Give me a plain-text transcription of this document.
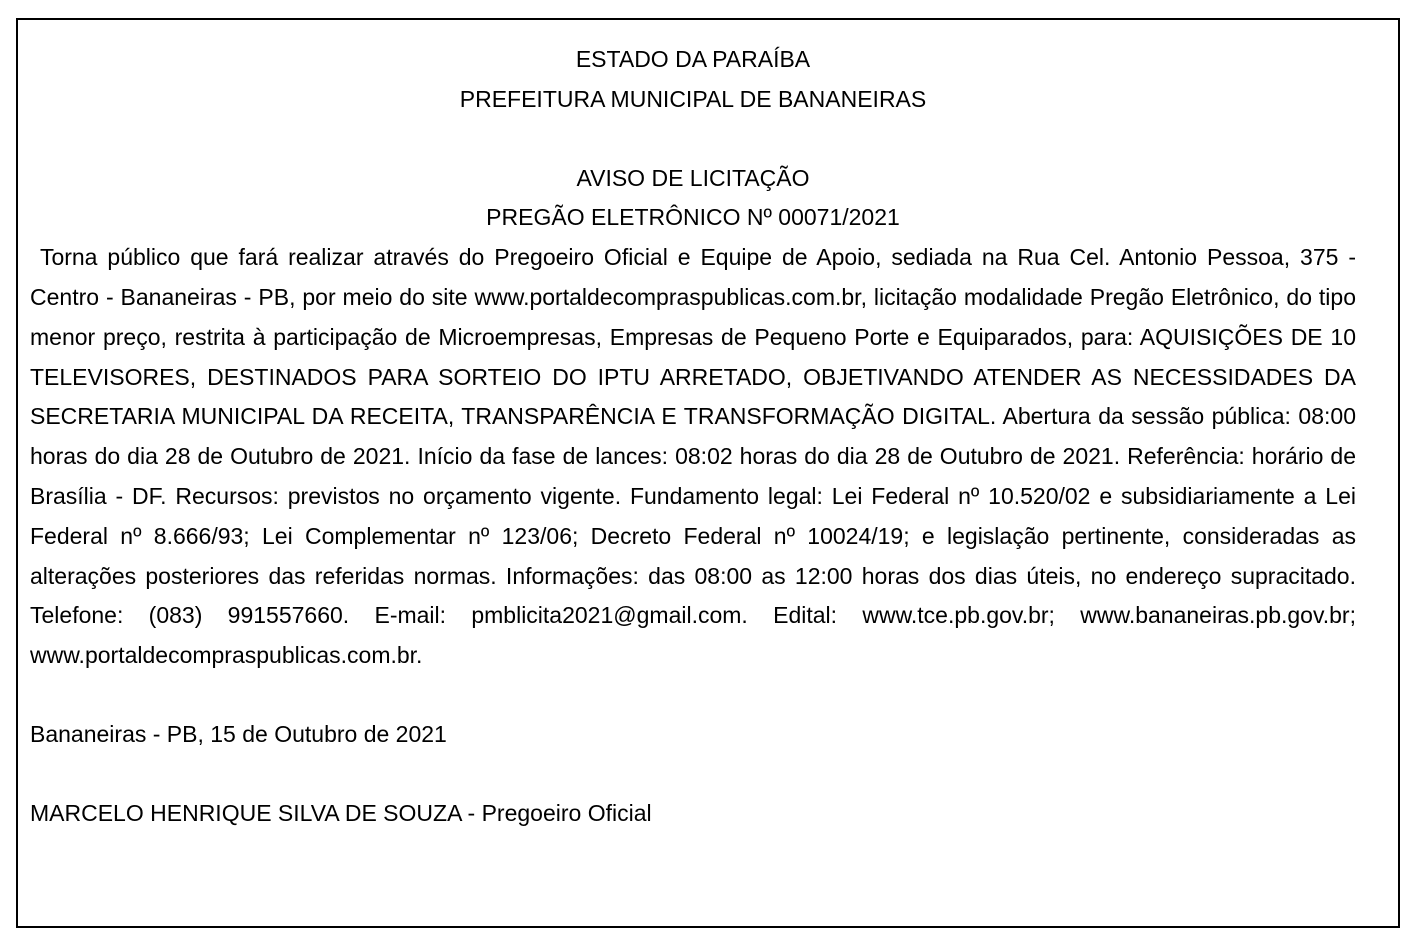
ESTADO DA PARAÍBA

PREFEITURA MUNICIPAL DE BANANEIRAS

AVISO DE LICITAÇÃO

PREGÃO ELETRÔNICO Nº 00071/2021

Torna público que fará realizar através do Pregoeiro Oficial e Equipe de Apoio, sediada na Rua Cel. Antonio Pessoa, 375 - Centro - Bananeiras - PB, por meio do site www.portaldecompraspublicas.com.br, licitação modalidade Pregão Eletrônico, do tipo menor preço, restrita à participação de Microempresas, Empresas de Pequeno Porte e Equiparados, para: AQUISIÇÕES DE 10 TELEVISORES, DESTINADOS PARA SORTEIO DO IPTU ARRETADO, OBJETIVANDO ATENDER AS NECESSIDADES DA SECRETARIA MUNICIPAL DA RECEITA, TRANSPARÊNCIA E TRANSFORMAÇÃO DIGITAL. Abertura da sessão pública: 08:00 horas do dia 28 de Outubro de 2021. Início da fase de lances: 08:02 horas do dia 28 de Outubro de 2021. Referência: horário de Brasília - DF. Recursos: previstos no orçamento vigente. Fundamento legal: Lei Federal nº 10.520/02 e subsidiariamente a Lei Federal nº 8.666/93; Lei Complementar nº 123/06; Decreto Federal nº 10024/19; e legislação pertinente, consideradas as alterações posteriores das referidas normas. Informações: das 08:00 as 12:00 horas dos dias úteis, no endereço supracitado. Telefone: (083) 991557660. E-mail: pmblicita2021@gmail.com. Edital: www.tce.pb.gov.br; www.bananeiras.pb.gov.br; www.portaldecompraspublicas.com.br.

Bananeiras - PB, 15 de Outubro de 2021

MARCELO HENRIQUE SILVA DE SOUZA - Pregoeiro Oficial
